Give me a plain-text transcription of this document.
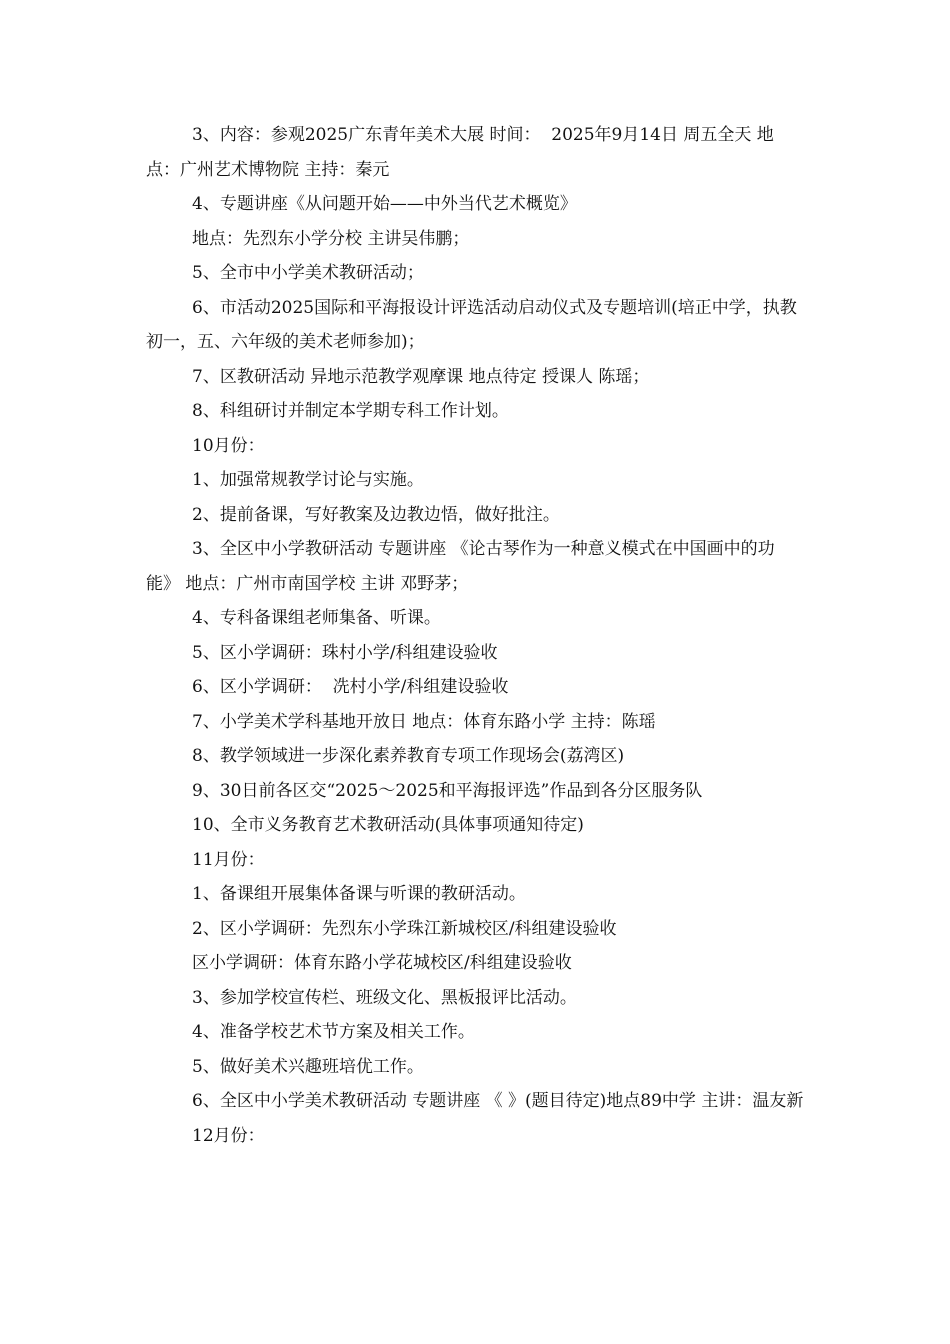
3、内容：参观2025广东青年美术大展 时间：  2025年9月14日 周五全天 地点：广州艺术博物院 主持：秦元

4、专题讲座《从问题开始——中外当代艺术概览》

地点：先烈东小学分校 主讲吴伟鹏；

5、全市中小学美术教研活动；

6、市活动2025国际和平海报设计评选活动启动仪式及专题培训(培正中学，执教初一，五、六年级的美术老师参加)；

7、区教研活动 异地示范教学观摩课 地点待定 授课人 陈瑶；

8、科组研讨并制定本学期专科工作计划。

10月份：

1、加强常规教学讨论与实施。

2、提前备课，写好教案及边教边悟，做好批注。

3、全区中小学教研活动 专题讲座 《论古琴作为一种意义模式在中国画中的功能》 地点：广州市南国学校 主讲 邓野茅；

4、专科备课组老师集备、听课。

5、区小学调研：珠村小学/科组建设验收

6、区小学调研：  冼村小学/科组建设验收

7、小学美术学科基地开放日 地点：体育东路小学 主持：陈瑶

8、教学领域进一步深化素养教育专项工作现场会(荔湾区)

9、30日前各区交“2025～2025和平海报评选”作品到各分区服务队

10、全市义务教育艺术教研活动(具体事项通知待定)

11月份：

1、备课组开展集体备课与听课的教研活动。

2、区小学调研：先烈东小学珠江新城校区/科组建设验收

区小学调研：体育东路小学花城校区/科组建设验收

3、参加学校宣传栏、班级文化、黑板报评比活动。

4、准备学校艺术节方案及相关工作。

5、做好美术兴趣班培优工作。

6、全区中小学美术教研活动 专题讲座 《 》(题目待定)地点89中学 主讲：温友新

12月份：
